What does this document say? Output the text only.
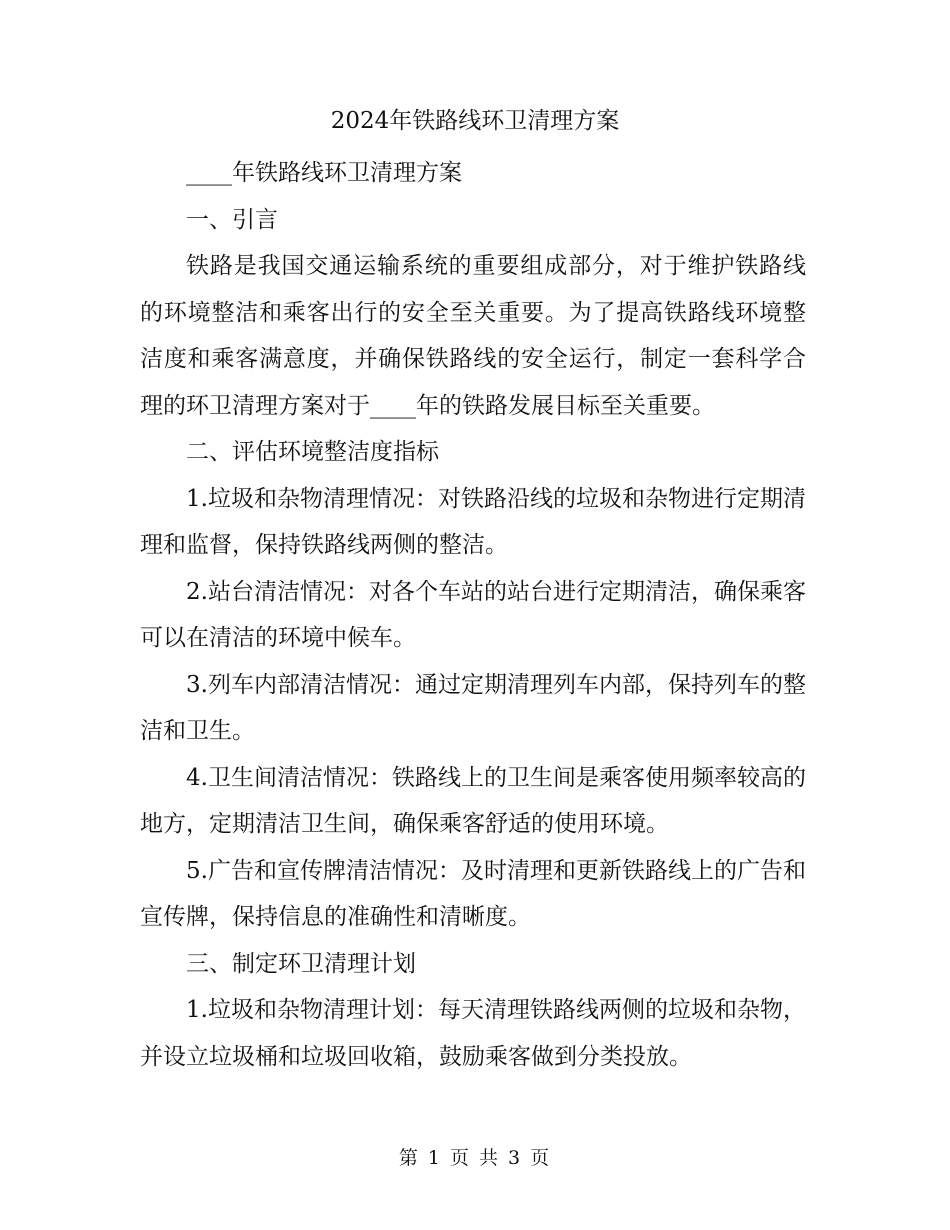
2024年铁路线环卫清理方案

____年铁路线环卫清理方案

一、引言

铁路是我国交通运输系统的重要组成部分，对于维护铁路线的环境整洁和乘客出行的安全至关重要。为了提高铁路线环境整洁度和乘客满意度，并确保铁路线的安全运行，制定一套科学合理的环卫清理方案对于____年的铁路发展目标至关重要。

二、评估环境整洁度指标

1.垃圾和杂物清理情况：对铁路沿线的垃圾和杂物进行定期清理和监督，保持铁路线两侧的整洁。

2.站台清洁情况：对各个车站的站台进行定期清洁，确保乘客可以在清洁的环境中候车。

3.列车内部清洁情况：通过定期清理列车内部，保持列车的整洁和卫生。

4.卫生间清洁情况：铁路线上的卫生间是乘客使用频率较高的地方，定期清洁卫生间，确保乘客舒适的使用环境。

5.广告和宣传牌清洁情况：及时清理和更新铁路线上的广告和宣传牌，保持信息的准确性和清晰度。

三、制定环卫清理计划

1.垃圾和杂物清理计划：每天清理铁路线两侧的垃圾和杂物，并设立垃圾桶和垃圾回收箱，鼓励乘客做到分类投放。

第 1 页 共 3 页
